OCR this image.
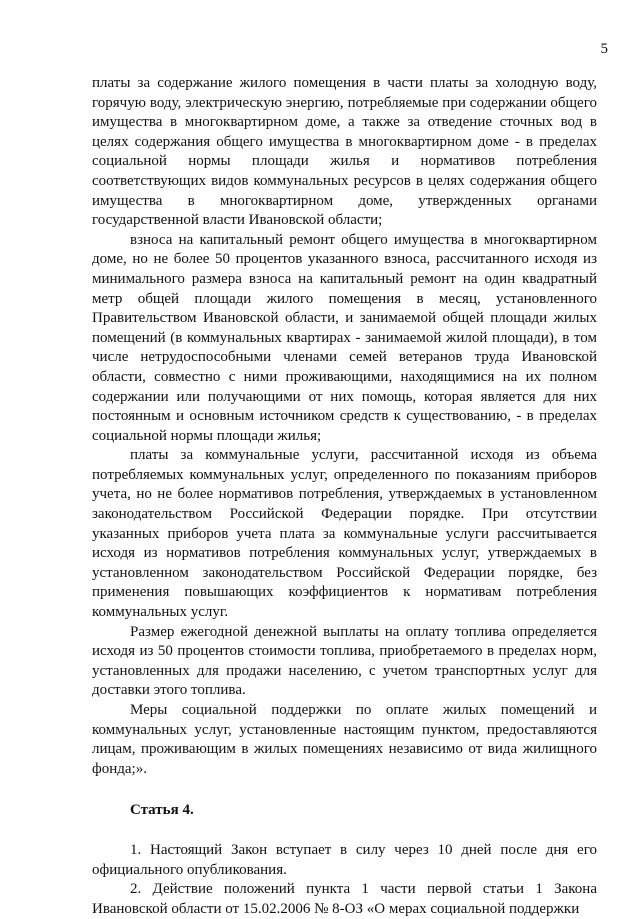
5

платы за содержание жилого помещения в части платы за холодную воду, горячую воду, электрическую энергию, потребляемые при содержании общего имущества в многоквартирном доме, а также за отведение сточных вод в целях содержания общего имущества в многоквартирном доме - в пределах социальной нормы площади жилья и нормативов потребления соответствующих видов коммунальных ресурсов в целях содержания общего имущества в многоквартирном доме, утвержденных органами государственной власти Ивановской области;

взноса на капитальный ремонт общего имущества в многоквартирном доме, но не более 50 процентов указанного взноса, рассчитанного исходя из минимального размера взноса на капитальный ремонт на один квадратный метр общей площади жилого помещения в месяц, установленного Правительством Ивановской области, и занимаемой общей площади жилых помещений (в коммунальных квартирах - занимаемой жилой площади), в том числе нетрудоспособными членами семей ветеранов труда Ивановской области, совместно с ними проживающими, находящимися на их полном содержании или получающими от них помощь, которая является для них постоянным и основным источником средств к существованию, - в пределах социальной нормы площади жилья;

платы за коммунальные услуги, рассчитанной исходя из объема потребляемых коммунальных услуг, определенного по показаниям приборов учета, но не более нормативов потребления, утверждаемых в установленном законодательством Российской Федерации порядке. При отсутствии указанных приборов учета плата за коммунальные услуги рассчитывается исходя из нормативов потребления коммунальных услуг, утверждаемых в установленном законодательством Российской Федерации порядке, без применения повышающих коэффициентов к нормативам потребления коммунальных услуг.

Размер ежегодной денежной выплаты на оплату топлива определяется исходя из 50 процентов стоимости топлива, приобретаемого в пределах норм, установленных для продажи населению, с учетом транспортных услуг для доставки этого топлива.

Меры социальной поддержки по оплате жилых помещений и коммунальных услуг, установленные настоящим пунктом, предоставляются лицам, проживающим в жилых помещениях независимо от вида жилищного фонда;».

Статья 4.

1. Настоящий Закон вступает в силу через 10 дней после дня его официального опубликования.

2. Действие положений пункта 1 части первой статьи 1 Закона Ивановской области от 15.02.2006 № 8-ОЗ «О мерах социальной поддержки
